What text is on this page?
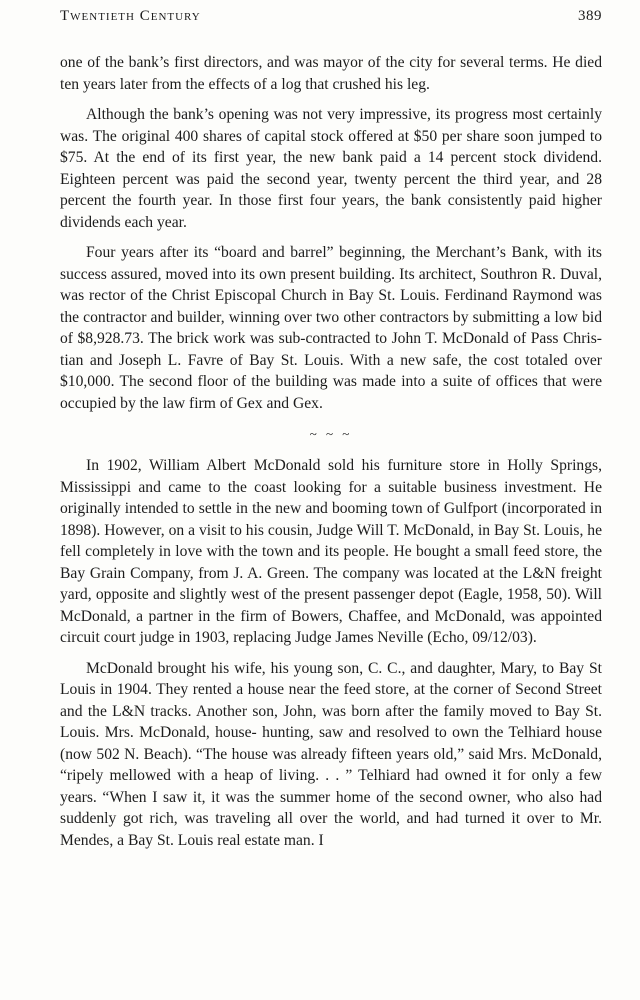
Twentieth Century	389

one of the bank’s first directors, and was mayor of the city for several terms. He died ten years later from the effects of a log that crushed his leg.

Although the bank’s opening was not very impressive, its progress most certainly was. The original 400 shares of capital stock offered at $50 per share soon jumped to $75. At the end of its first year, the new bank paid a 14 percent stock dividend. Eighteen percent was paid the second year, twenty percent the third year, and 28 percent the fourth year. In those first four years, the bank consistently paid higher dividends each year.

Four years after its “board and barrel” beginning, the Merchant’s Bank, with its success assured, moved into its own present building. Its architect, Southron R. Duval, was rector of the Christ Episcopal Church in Bay St. Louis. Ferdinand Raymond was the contractor and builder, winning over two other contractors by submitting a low bid of $8,928.73. The brick work was sub-contracted to John T. McDonald of Pass Chris- tian and Joseph L. Favre of Bay St. Louis. With a new safe, the cost totaled over $10,000. The second floor of the building was made into a suite of offices that were occupied by the law firm of Gex and Gex.

~ ~ ~

In 1902, William Albert McDonald sold his furniture store in Holly Springs, Mississippi and came to the coast looking for a suitable business investment. He originally intended to settle in the new and booming town of Gulfport (incorporated in 1898). However, on a visit to his cousin, Judge Will T. McDonald, in Bay St. Louis, he fell completely in love with the town and its people. He bought a small feed store, the Bay Grain Company, from J. A. Green. The company was located at the L&N freight yard, opposite and slightly west of the present passenger depot (Eagle, 1958, 50). Will McDonald, a partner in the firm of Bowers, Chaffee, and McDonald, was appointed circuit court judge in 1903, replacing Judge James Neville (Echo, 09/12/03).

McDonald brought his wife, his young son, C. C., and daughter, Mary, to Bay St Louis in 1904. They rented a house near the feed store, at the corner of Second Street and the L&N tracks. Another son, John, was born after the family moved to Bay St. Louis. Mrs. McDonald, house- hunting, saw and resolved to own the Telhiard house (now 502 N. Beach). “The house was already fifteen years old,” said Mrs. McDonald, “ripely mellowed with a heap of living. . . ” Telhiard had owned it for only a few years. “When I saw it, it was the summer home of the second owner, who also had suddenly got rich, was traveling all over the world, and had turned it over to Mr. Mendes, a Bay St. Louis real estate man. I
